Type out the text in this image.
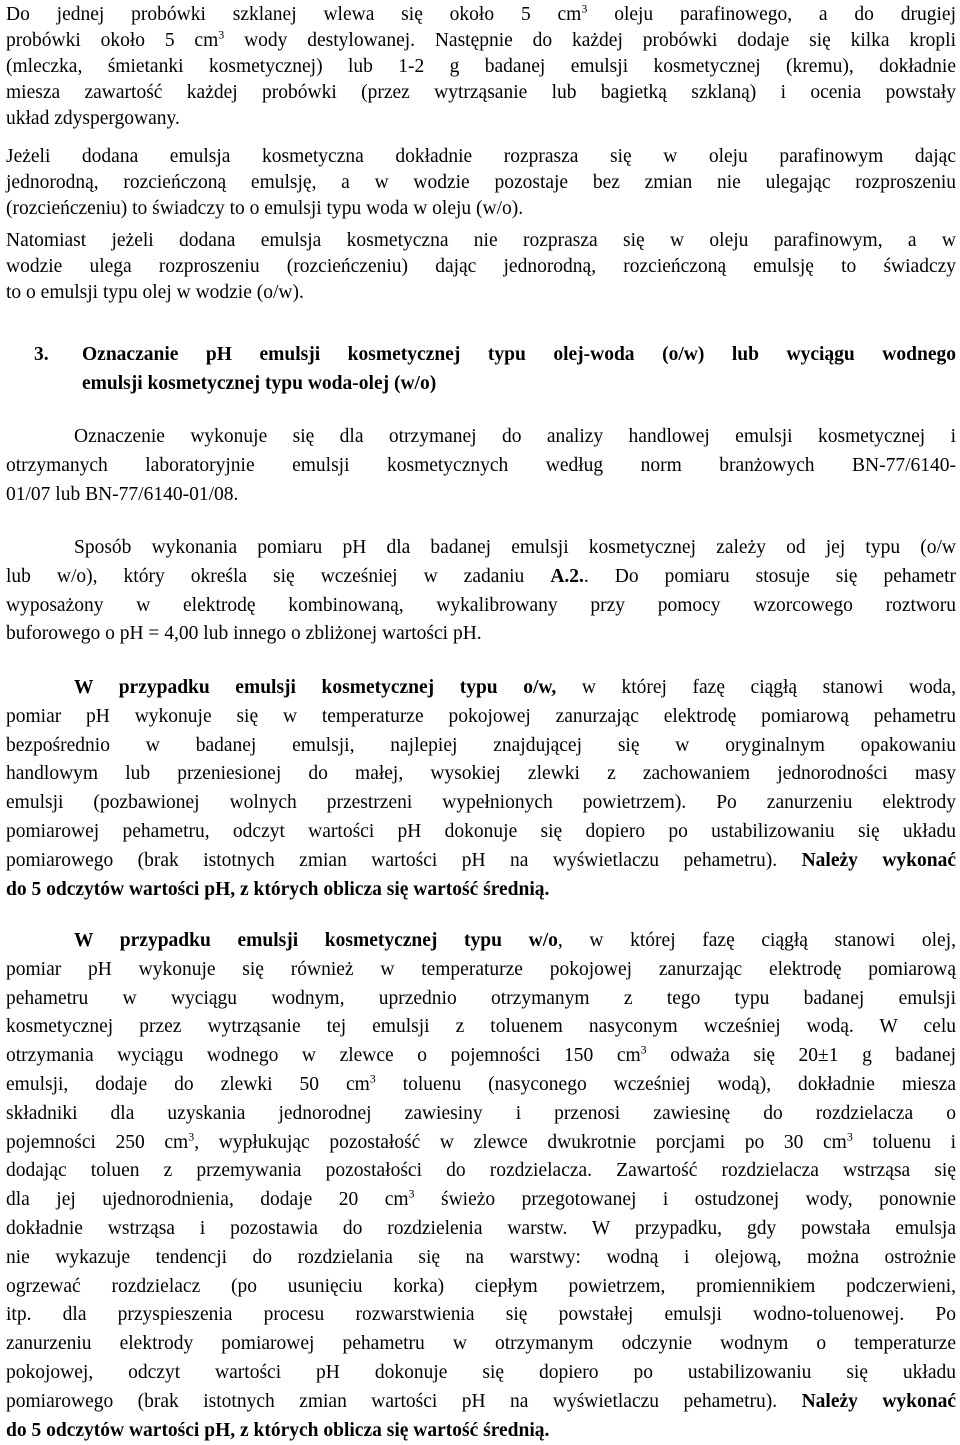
Do jednej probówki szklanej wlewa się około 5 $cm^3$ oleju parafinowego, a do drugiej
probówki około 5 $cm^3$ wody destylowanej. Następnie do każdej probówki dodaje się kilka kropli
(mleczka, śmietanki kosmetycznej) lub 1-2 g badanej emulsji kosmetycznej (kremu), dokładnie
miesza zawartość każdej probówki (przez wytrząsanie lub bagietką szklaną) i ocenia powstały
układ zdyspergowany.
Jeżeli dodana emulsja kosmetyczna dokładnie rozprasza się w oleju parafinowym dając
jednorodną, rozcieńczoną emulsję, a w wodzie pozostaje bez zmian nie ulegając rozproszeniu
(rozcieńczeniu) to świadczy to o emulsji typu woda w oleju (w/o).
Natomiast jeżeli dodana emulsja kosmetyczna nie rozprasza się w oleju parafinowym, a w
wodzie ulega rozproszeniu (rozcieńczeniu) dając jednorodną, rozcieńczoną emulsję to świadczy
to o emulsji typu olej w wodzie (o/w).
3. Oznaczanie pH emulsji kosmetycznej typu olej-woda (o/w) lub wyciągu wodnego
emulsji kosmetycznej typu woda-olej (w/o)
Oznaczenie wykonuje się dla otrzymanej do analizy handlowej emulsji kosmetycznej i
otrzymanych laboratoryjnie emulsji kosmetycznych według norm branżowych BN-77/6140-
01/07 lub BN-77/6140-01/08.
Sposób wykonania pomiaru pH dla badanej emulsji kosmetycznej zależy od jej typu (o/w
lub w/o), który określa się wcześniej w zadaniu A.2.. Do pomiaru stosuje się pehametr
wyposażony w elektrodę kombinowaną, wykalibrowany przy pomocy wzorcowego roztworu
buforowego o pH = 4,00 lub innego o zbliżonej wartości pH.
W przypadku emulsji kosmetycznej typu o/w, w której fazę ciągłą stanowi woda,
pomiar pH wykonuje się w temperaturze pokojowej zanurzając elektrodę pomiarową pehametru
bezpośrednio w badanej emulsji, najlepiej znajdującej się w oryginalnym opakowaniu
handlowym lub przeniesionej do małej, wysokiej zlewki z zachowaniem jednorodności masy
emulsji (pozbawionej wolnych przestrzeni wypełnionych powietrzem). Po zanurzeniu elektrody
pomiarowej pehametru, odczyt wartości pH dokonuje się dopiero po ustabilizowaniu się układu
pomiarowego (brak istotnych zmian wartości pH na wyświetlaczu pehametru). Należy wykonać
do 5 odczytów wartości pH, z których oblicza się wartość średnią.
W przypadku emulsji kosmetycznej typu w/o, w której fazę ciągłą stanowi olej,
pomiar pH wykonuje się również w temperaturze pokojowej zanurzając elektrodę pomiarową
pehametru w wyciągu wodnym, uprzednio otrzymanym z tego typu badanej emulsji
kosmetycznej przez wytrząsanie tej emulsji z toluenem nasyconym wcześniej wodą. W celu
otrzymania wyciągu wodnego w zlewce o pojemności 150 $cm^3$ odważa się 20±1 g badanej
emulsji, dodaje do zlewki 50 $cm^3$ toluenu (nasyconego wcześniej wodą), dokładnie miesza
składniki dla uzyskania jednorodnej zawiesiny i przenosi zawiesinę do rozdzielacza o
pojemności 250 $cm^3$, wypłukując pozostałość w zlewce dwukrotnie porcjami po 30 $cm^3$ toluenu i
dodając toluen z przemywania pozostałości do rozdzielacza. Zawartość rozdzielacza wstrząsa się
dla jej ujednorodnienia, dodaje 20 $cm^3$ świeżo przegotowanej i ostudzonej wody, ponownie
dokładnie wstrząsa i pozostawia do rozdzielenia warstw. W przypadku, gdy powstała emulsja
nie wykazuje tendencji do rozdzielania się na warstwy: wodną i olejową, można ostrożnie
ogrzewać rozdzielacz (po usunięciu korka) ciepłym powietrzem, promiennikiem podczerwieni,
itp. dla przyspieszenia procesu rozwarstwienia się powstałej emulsji wodno-toluenowej. Po
zanurzeniu elektrody pomiarowej pehametru w otrzymanym odczynie wodnym o temperaturze
pokojowej, odczyt wartości pH dokonuje się dopiero po ustabilizowaniu się układu
pomiarowego (brak istotnych zmian wartości pH na wyświetlaczu pehametru). Należy wykonać
do 5 odczytów wartości pH, z których oblicza się wartość średnią.
